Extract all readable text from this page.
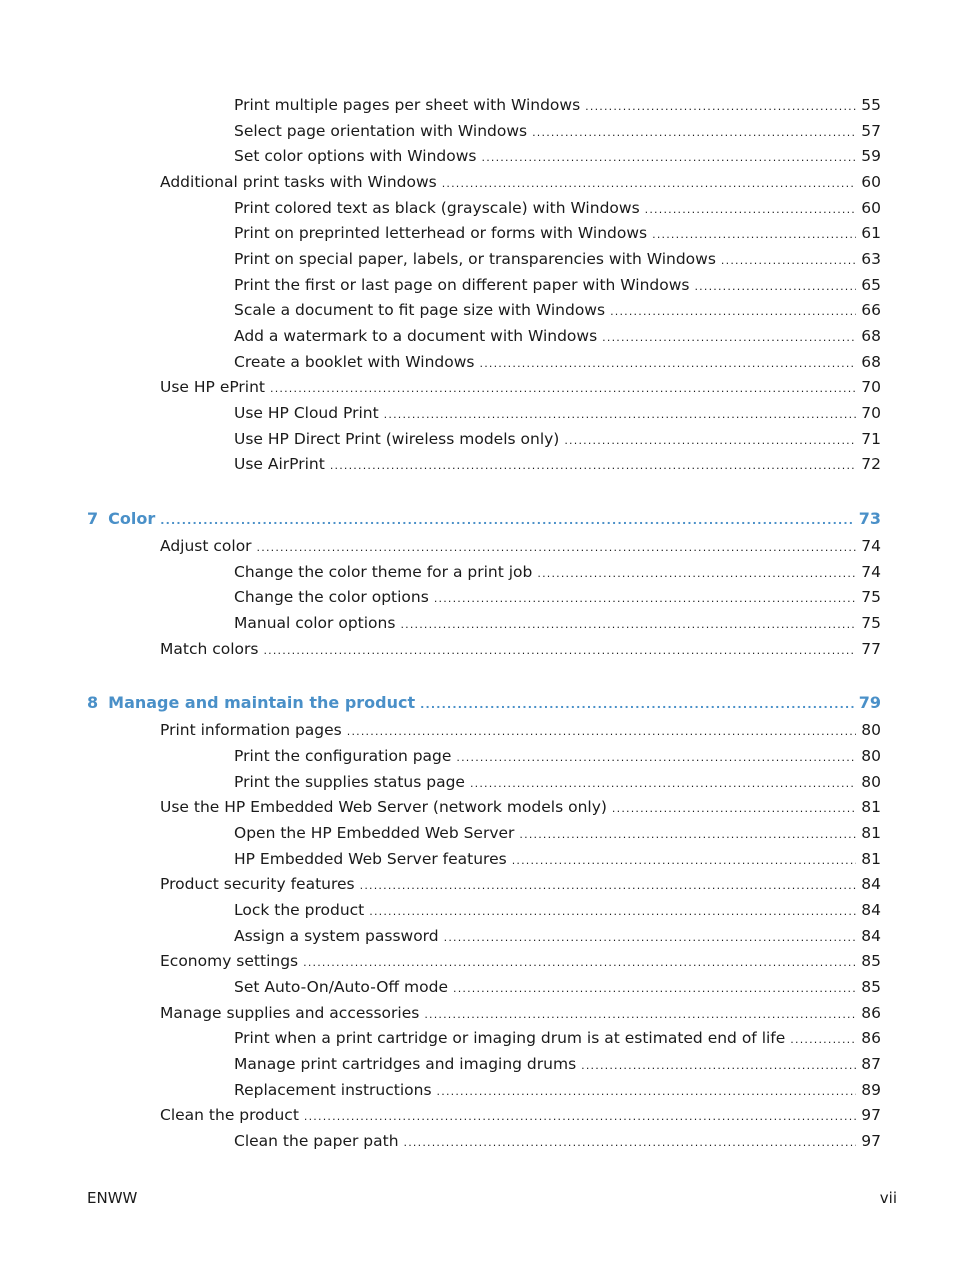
Print multiple pages per sheet with Windows .....	55
Select page orientation with Windows .....	57
Set color options with Windows .....	59
Additional print tasks with Windows .....	60
Print colored text as black (grayscale) with Windows .....	60
Print on preprinted letterhead or forms with Windows .....	61
Print on special paper, labels, or transparencies with Windows .....	63
Print the first or last page on different paper with Windows .....	65
Scale a document to fit page size with Windows .....	66
Add a watermark to a document with Windows .....	68
Create a booklet with Windows .....	68
Use HP ePrint .....	70
Use HP Cloud Print .....	70
Use HP Direct Print (wireless models only) .....	71
Use AirPrint .....	72
7 Color .....	73
Adjust color .....	74
Change the color theme for a print job .....	74
Change the color options .....	75
Manual color options .....	75
Match colors .....	77
8 Manage and maintain the product .....	79
Print information pages .....	80
Print the configuration page .....	80
Print the supplies status page .....	80
Use the HP Embedded Web Server (network models only) .....	81
Open the HP Embedded Web Server .....	81
HP Embedded Web Server features .....	81
Product security features .....	84
Lock the product .....	84
Assign a system password .....	84
Economy settings .....	85
Set Auto-On/Auto-Off mode .....	85
Manage supplies and accessories .....	86
Print when a print cartridge or imaging drum is at estimated end of life .....	86
Manage print cartridges and imaging drums .....	87
Replacement instructions .....	89
Clean the product .....	97
Clean the paper path .....	97
ENWW	vii
